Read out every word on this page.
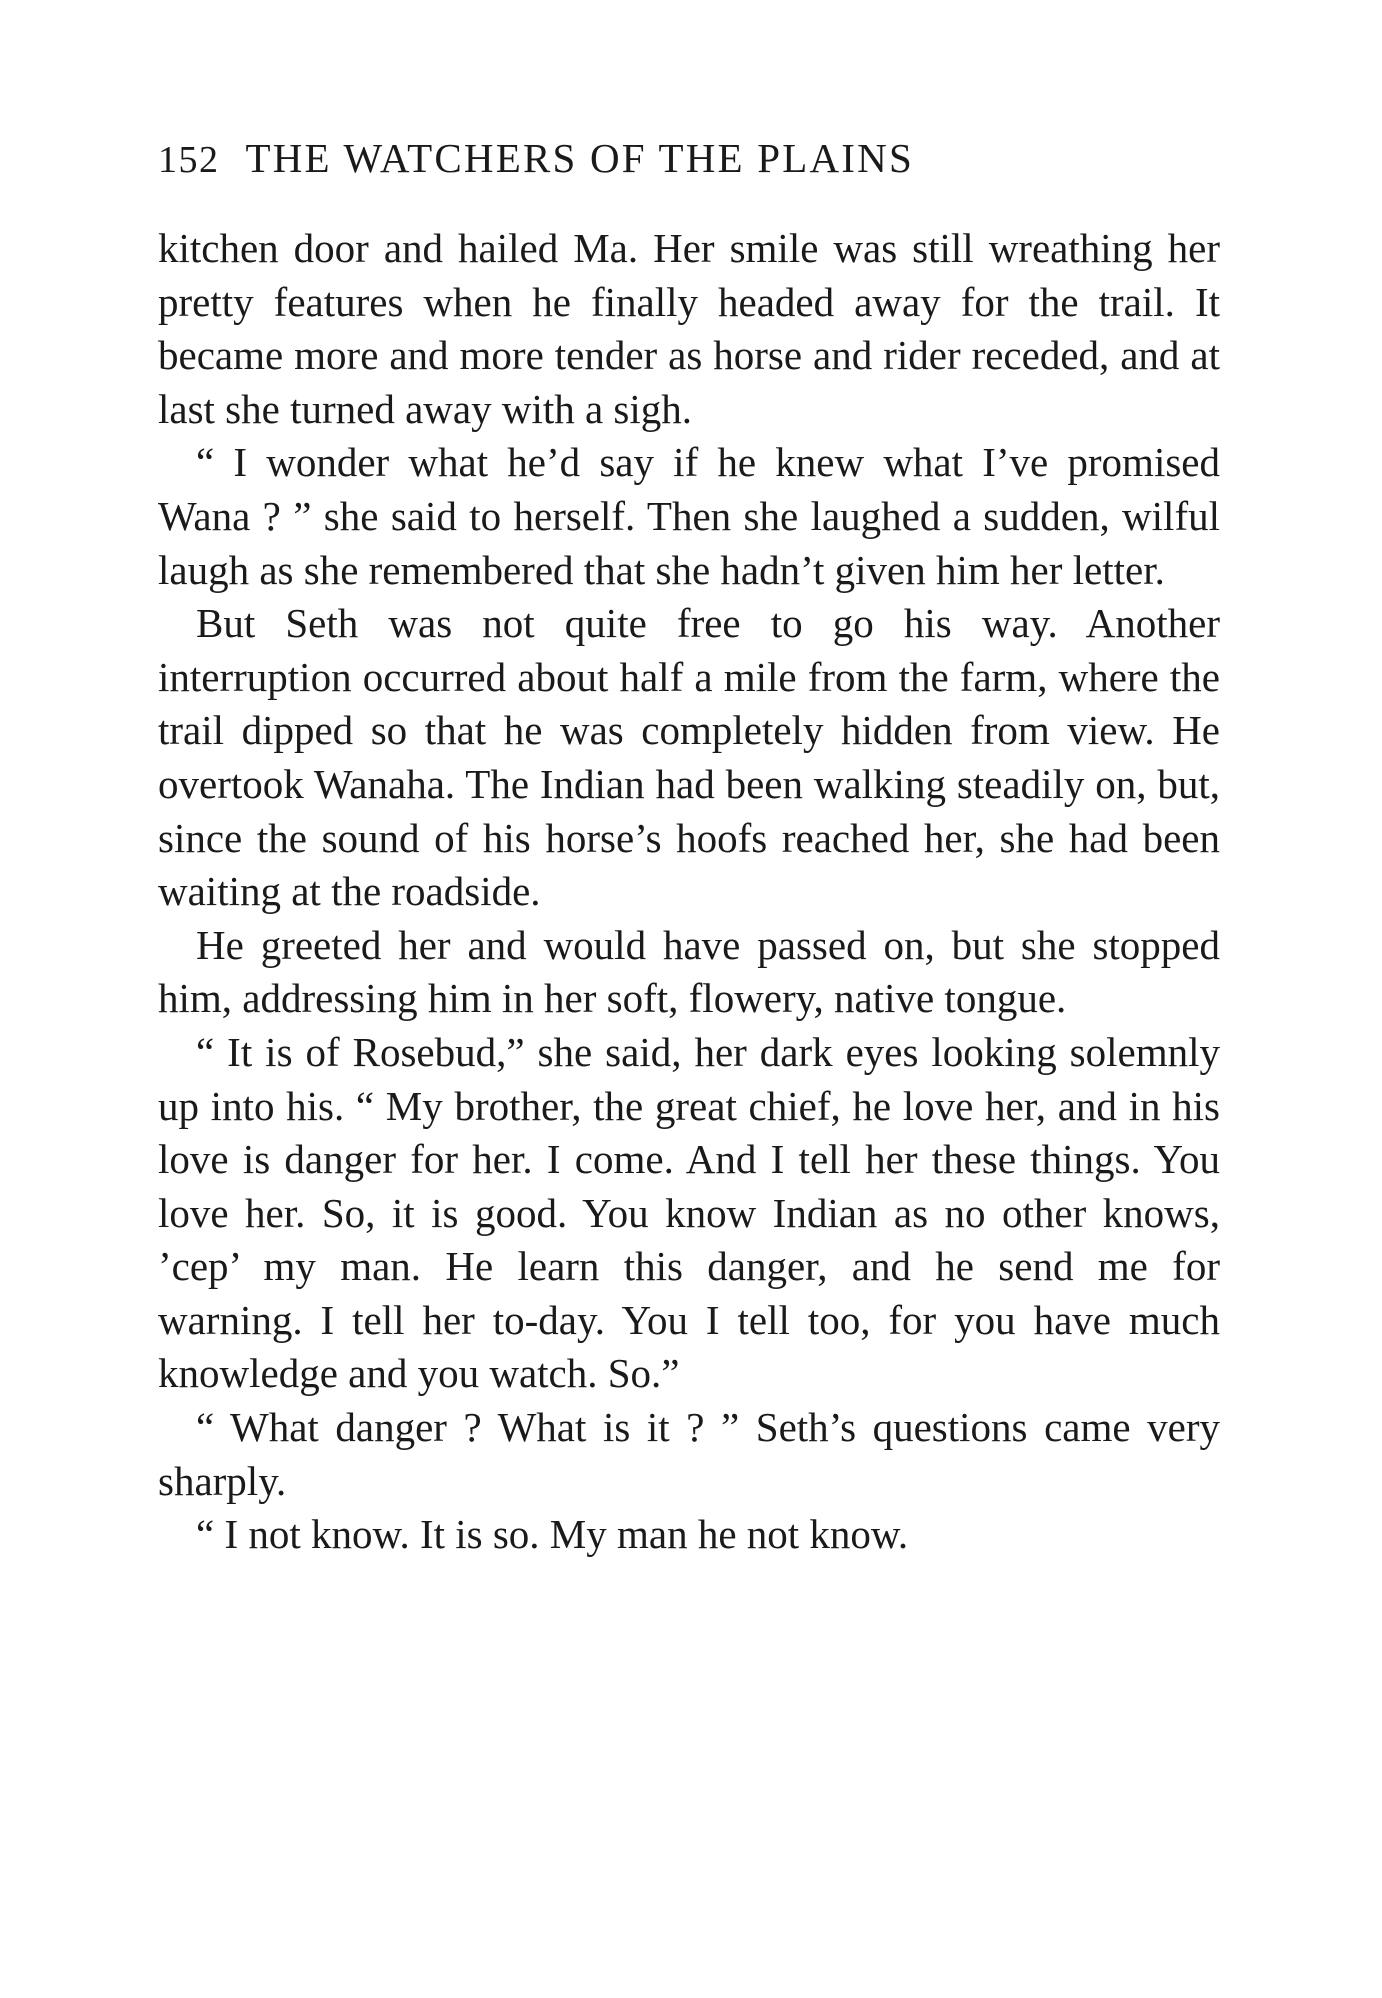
152 THE WATCHERS OF THE PLAINS

kitchen door and hailed Ma. Her smile was still wreathing her pretty features when he finally headed away for the trail. It became more and more tender as horse and rider receded, and at last she turned away with a sigh.

“ I wonder what he’d say if he knew what I’ve promised Wana ? ” she said to herself. Then she laughed a sudden, wilful laugh as she remembered that she hadn’t given him her letter.

But Seth was not quite free to go his way. Another interruption occurred about half a mile from the farm, where the trail dipped so that he was completely hidden from view. He overtook Wanaha. The Indian had been walking steadily on, but, since the sound of his horse’s hoofs reached her, she had been waiting at the roadside.

He greeted her and would have passed on, but she stopped him, addressing him in her soft, flowery, native tongue.

“ It is of Rosebud,” she said, her dark eyes looking solemnly up into his. “ My brother, the great chief, he love her, and in his love is danger for her. I come. And I tell her these things. You love her. So, it is good. You know Indian as no other knows, ’cep’ my man. He learn this danger, and he send me for warning. I tell her to-day. You I tell too, for you have much knowledge and you watch. So.”

“ What danger ? What is it ? ” Seth’s questions came very sharply.

“ I not know. It is so. My man he not know.
